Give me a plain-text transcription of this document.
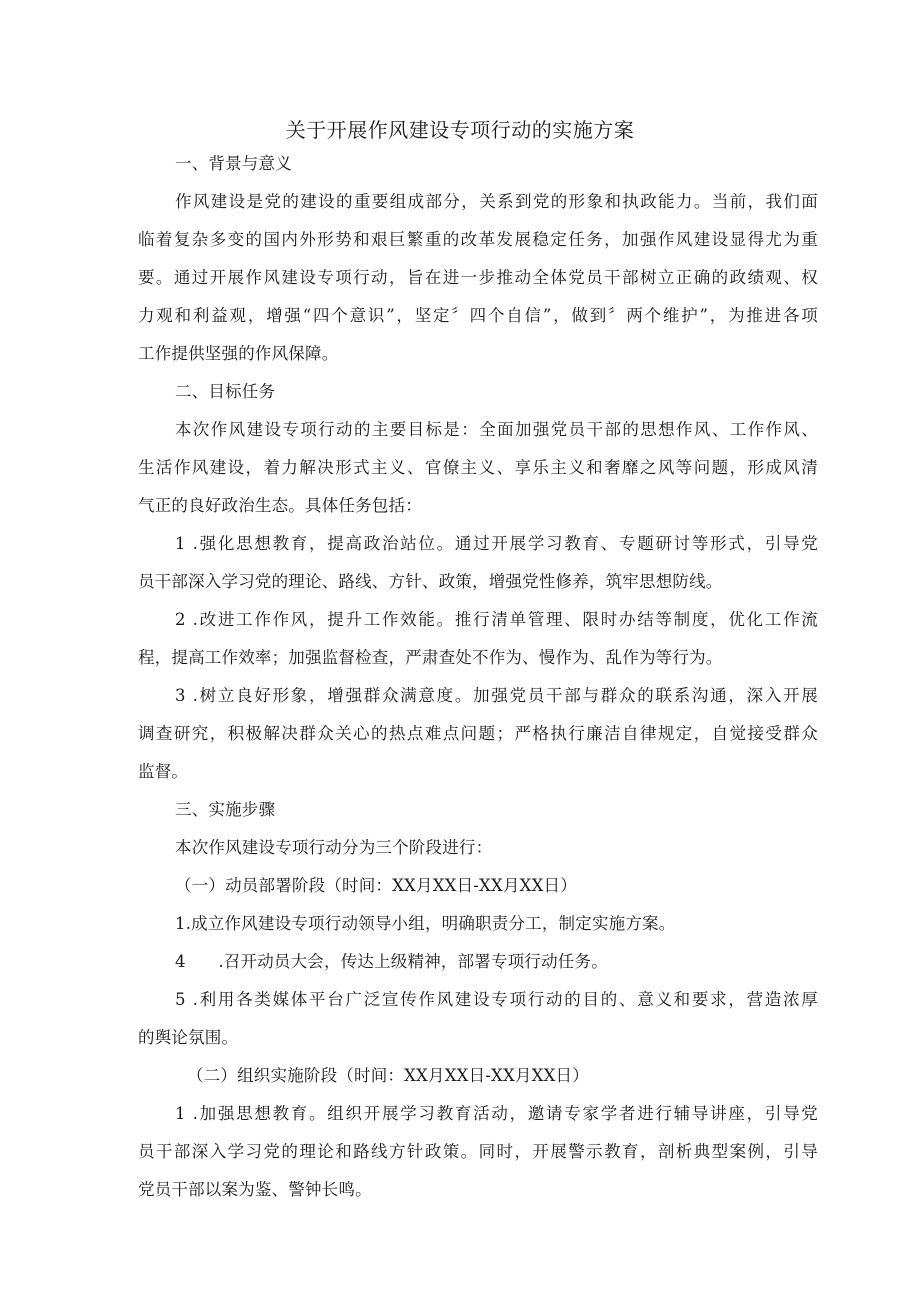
关于开展作风建设专项行动的实施方案
一、背景与意义
作风建设是党的建设的重要组成部分，关系到党的形象和执政能力。当前，我们面
临着复杂多变的国内外形势和艰巨繁重的改革发展稳定任务，加强作风建设显得尤为重
要。通过开展作风建设专项行动，旨在进一步推动全体党员干部树立正确的政绩观、权
力观和利益观，增强“四个意识”，坚定〞四个自信”，做到〞两个维护”，为推进各项
工作提供坚强的作风保障。
二、目标任务
本次作风建设专项行动的主要目标是：全面加强党员干部的思想作风、工作作风、
生活作风建设，着力解决形式主义、官僚主义、享乐主义和奢靡之风等问题，形成风清
气正的良好政治生态。具体任务包括：
1 .强化思想教育，提高政治站位。通过开展学习教育、专题研讨等形式，引导党
员干部深入学习党的理论、路线、方针、政策，增强党性修养，筑牢思想防线。
2 .改进工作作风，提升工作效能。推行清单管理、限时办结等制度，优化工作流
程，提高工作效率；加强监督检查，严肃查处不作为、慢作为、乱作为等行为。
3 .树立良好形象，增强群众满意度。加强党员干部与群众的联系沟通，深入开展
调查研究，积极解决群众关心的热点难点问题；严格执行廉洁自律规定，自觉接受群众
监督。
三、实施步骤
本次作风建设专项行动分为三个阶段进行：
（一）动员部署阶段（时间：XX月XX日-XX月XX日）
1.成立作风建设专项行动领导小组，明确职责分工，制定实施方案。
4      .召开动员大会，传达上级精神，部署专项行动任务。
5 .利用各类媒体平台广泛宣传作风建设专项行动的目的、意义和要求，营造浓厚
的舆论氛围。
（二）组织实施阶段（时间：XX月XX日-XX月XX日）
1 .加强思想教育。组织开展学习教育活动，邀请专家学者进行辅导讲座，引导党
员干部深入学习党的理论和路线方针政策。同时，开展警示教育，剖析典型案例，引导
党员干部以案为鉴、警钟长鸣。
